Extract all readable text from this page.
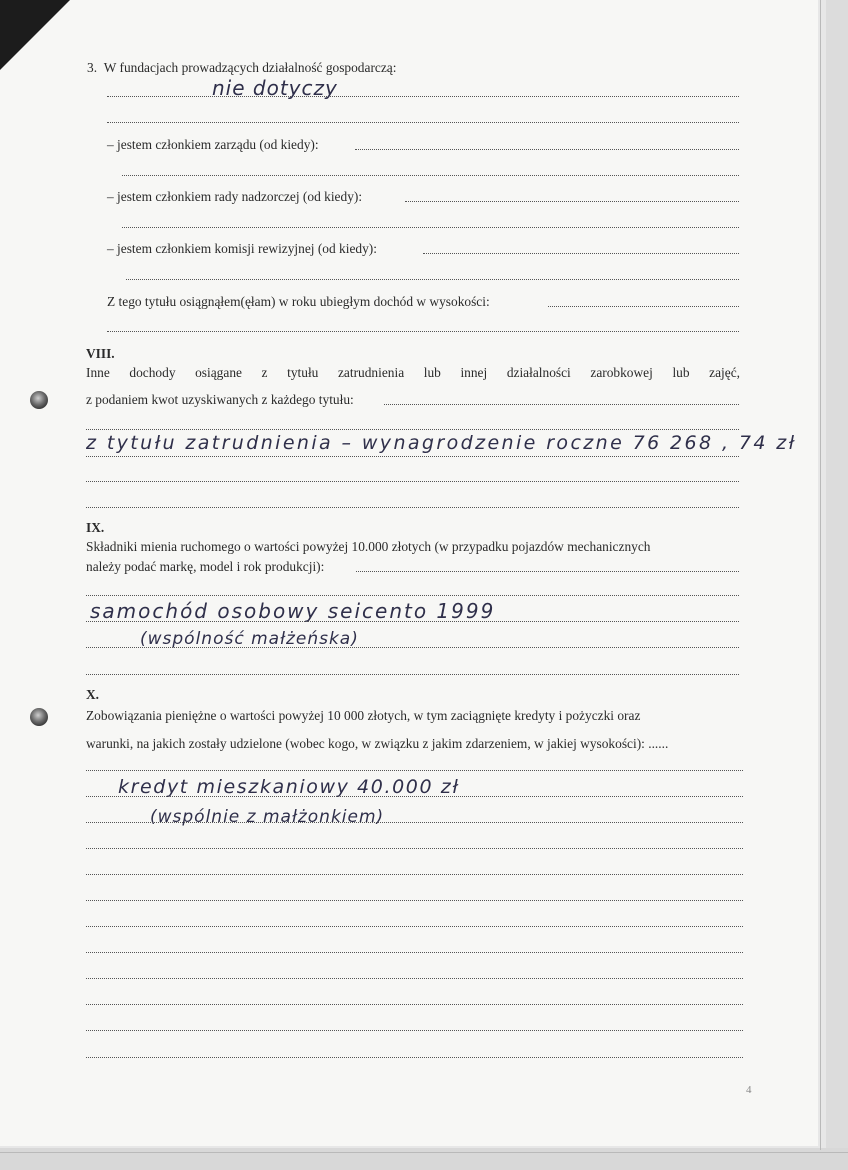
3.  W fundacjach prowadzących działalność gospodarczą:
nie dotyczy
– jestem członkiem zarządu (od kiedy):
– jestem członkiem rady nadzorczej (od kiedy):
– jestem członkiem komisji rewizyjnej (od kiedy):
Z tego tytułu osiągnąłem(ęłam) w roku ubiegłym dochód w wysokości:
VIII.
Inne dochody osiągane z tytułu zatrudnienia lub innej działalności zarobkowej lub zajęć,
z podaniem kwot uzyskiwanych z każdego tytułu:
z tytułu zatrudnienia – wynagrodzenie roczne 76 268 , 74 zł
IX.
Składniki mienia ruchomego o wartości powyżej 10.000 złotych (w przypadku pojazdów mechanicznych
należy podać markę, model i rok produkcji):
samochód osobowy seicento 1999
(wspólność małżeńska)
X.
Zobowiązania pieniężne o wartości powyżej 10 000 złotych, w tym zaciągnięte kredyty i pożyczki oraz
warunki, na jakich zostały udzielone (wobec kogo, w związku z jakim zdarzeniem, w jakiej wysokości): ......
kredyt mieszkaniowy 40.000 zł
(wspólnie z małżonkiem)
4
